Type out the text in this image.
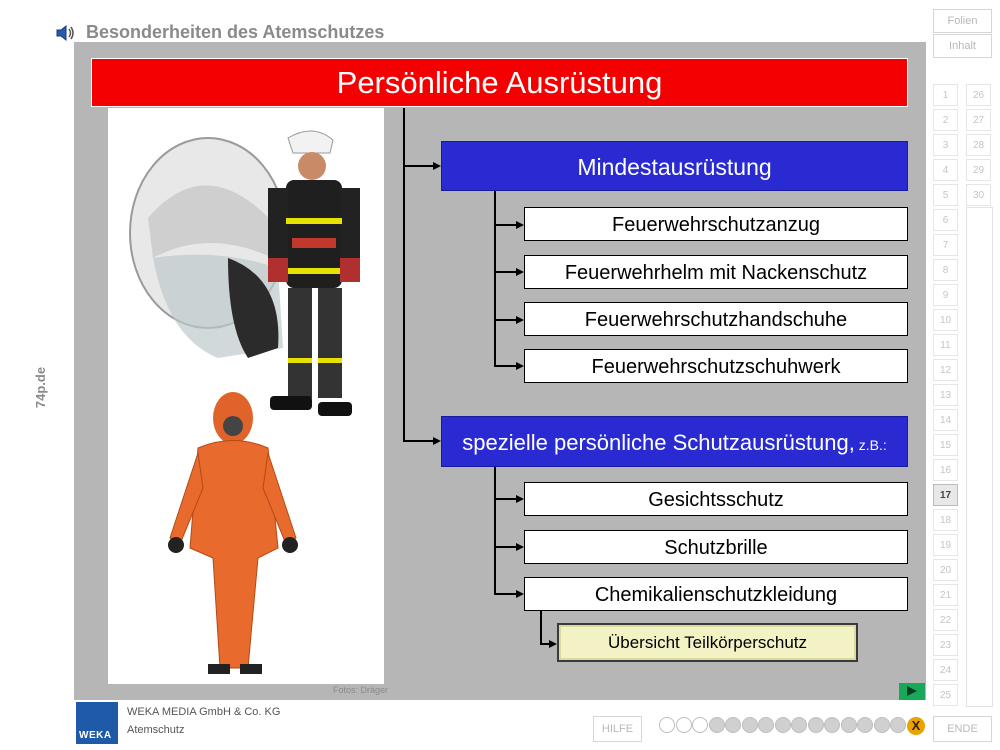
Besonderheiten des Atemschutzes
Folien
Inhalt
Persönliche Ausrüstung
Fotos: Dräger
Mindestausrüstung
Feuerwehrschutzanzug
Feuerwehrhelm mit Nackenschutz
Feuerwehrschutzhandschuhe
Feuerwehrschutzschuhwerk
spezielle persönliche Schutzausrüstung, z.B.:
Gesichtsschutz
Schutzbrille
Chemikalienschutzkleidung
Übersicht Teilkörperschutz
1
2
3
4
5
6
7
8
9
10
11
12
13
14
15
16
17
18
19
20
21
22
23
24
25
26
27
28
29
30
WEKA
WEKA MEDIA GmbH & Co. KG
Atemschutz	HILFE	X	ENDE
74p.de
